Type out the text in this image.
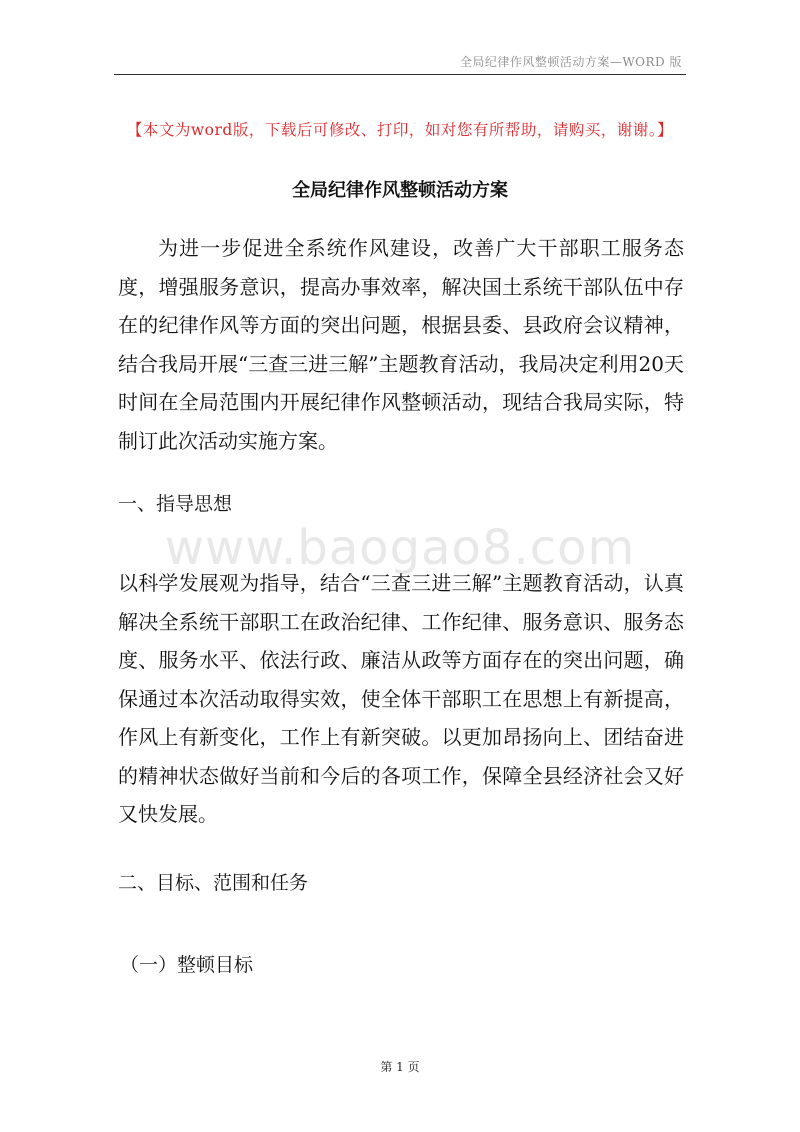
全局纪律作风整顿活动方案—WORD 版
【本文为word版，下载后可修改、打印，如对您有所帮助，请购买，谢谢。】
全局纪律作风整顿活动方案

为进一步促进全系统作风建设，改善广大干部职工服务态度，增强服务意识，提高办事效率，解决国土系统干部队伍中存在的纪律作风等方面的突出问题，根据县委、县政府会议精神，结合我局开展“三查三进三解”主题教育活动，我局决定利用20天时间在全局范围内开展纪律作风整顿活动，现结合我局实际，特制订此次活动实施方案。

一、指导思想

www.baogao8.com

以科学发展观为指导，结合“三查三进三解”主题教育活动，认真解决全系统干部职工在政治纪律、工作纪律、服务意识、服务态度、服务水平、依法行政、廉洁从政等方面存在的突出问题，确保通过本次活动取得实效，使全体干部职工在思想上有新提高，作风上有新变化，工作上有新突破。以更加昂扬向上、团结奋进的精神状态做好当前和今后的各项工作，保障全县经济社会又好又快发展。

二、目标、范围和任务

（一）整顿目标

第 1 页
